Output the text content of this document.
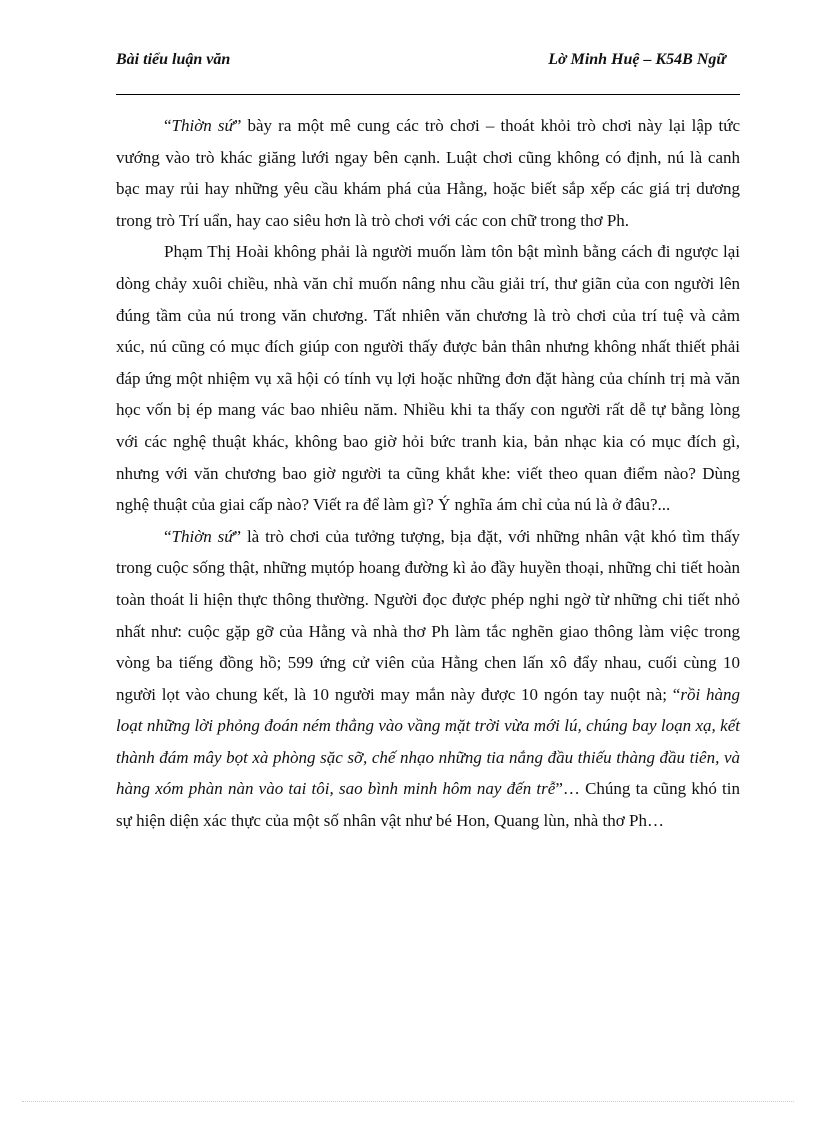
Bài tiểu luận văn	Lờ Minh Huệ – K54B Ngữ

“Thiờn sứ” bày ra một mê cung các trò chơi – thoát khỏi trò chơi này lại lập tức vướng vào trò khác giăng lưới ngay bên cạnh. Luật chơi cũng không có định, nú là canh bạc may rủi hay những yêu cầu khám phá của Hằng, hoặc biết sắp xếp các giá trị dương trong trò Trí uẩn, hay cao siêu hơn là trò chơi với các con chữ trong thơ Ph.

Phạm Thị Hoài không phải là người muốn làm tôn bật mình bằng cách đi ngược lại dòng chảy xuôi chiều, nhà văn chỉ muốn nâng nhu cầu giải trí, thư giãn của con người lên đúng tầm của nú trong văn chương. Tất nhiên văn chương là trò chơi của trí tuệ và cảm xúc, nú cũng có mục đích giúp con người thấy được bản thân nhưng không nhất thiết phải đáp ứng một nhiệm vụ xã hội có tính vụ lợi hoặc những đơn đặt hàng của chính trị mà văn học vốn bị ép mang vác bao nhiêu năm. Nhiều khi ta thấy con người rất dễ tự bằng lòng với các nghệ thuật khác, không bao giờ hỏi bức tranh kia, bản nhạc kia có mục đích gì, nhưng với văn chương bao giờ người ta cũng khắt khe: viết theo quan điểm nào? Dùng nghệ thuật của giai cấp nào? Viết ra để làm gì? Ý nghĩa ám chỉ của nú là ở đâu?...

“Thiờn sứ” là trò chơi của tưởng tượng, bịa đặt, với những nhân vật khó tìm thấy trong cuộc sống thật, những mụtóp hoang đường kì ảo đầy huyền thoại, những chi tiết hoàn toàn thoát li hiện thực thông thường. Người đọc được phép nghi ngờ từ những chi tiết nhỏ nhất như: cuộc gặp gỡ của Hằng và nhà thơ Ph làm tắc nghẽn giao thông làm việc trong vòng ba tiếng đồng hồ; 599 ứng cử viên của Hằng chen lấn xô đẩy nhau, cuối cùng 10 người lọt vào chung kết, là 10 người may mắn này được 10 ngón tay nuột nà; “rồi hàng loạt những lời phỏng đoán ném thẳng vào vầng mặt trời vừa mới lú, chúng bay loạn xạ, kết thành đám mây bọt xà phòng sặc sỡ, chế nhạo những tia nắng đầu thiếu thàng đầu tiên, và hàng xóm phàn nàn vào tai tôi, sao bình minh hôm nay đến trễ”… Chúng ta cũng khó tin sự hiện diện xác thực của một số nhân vật như bé Hon, Quang lùn, nhà thơ Ph…
